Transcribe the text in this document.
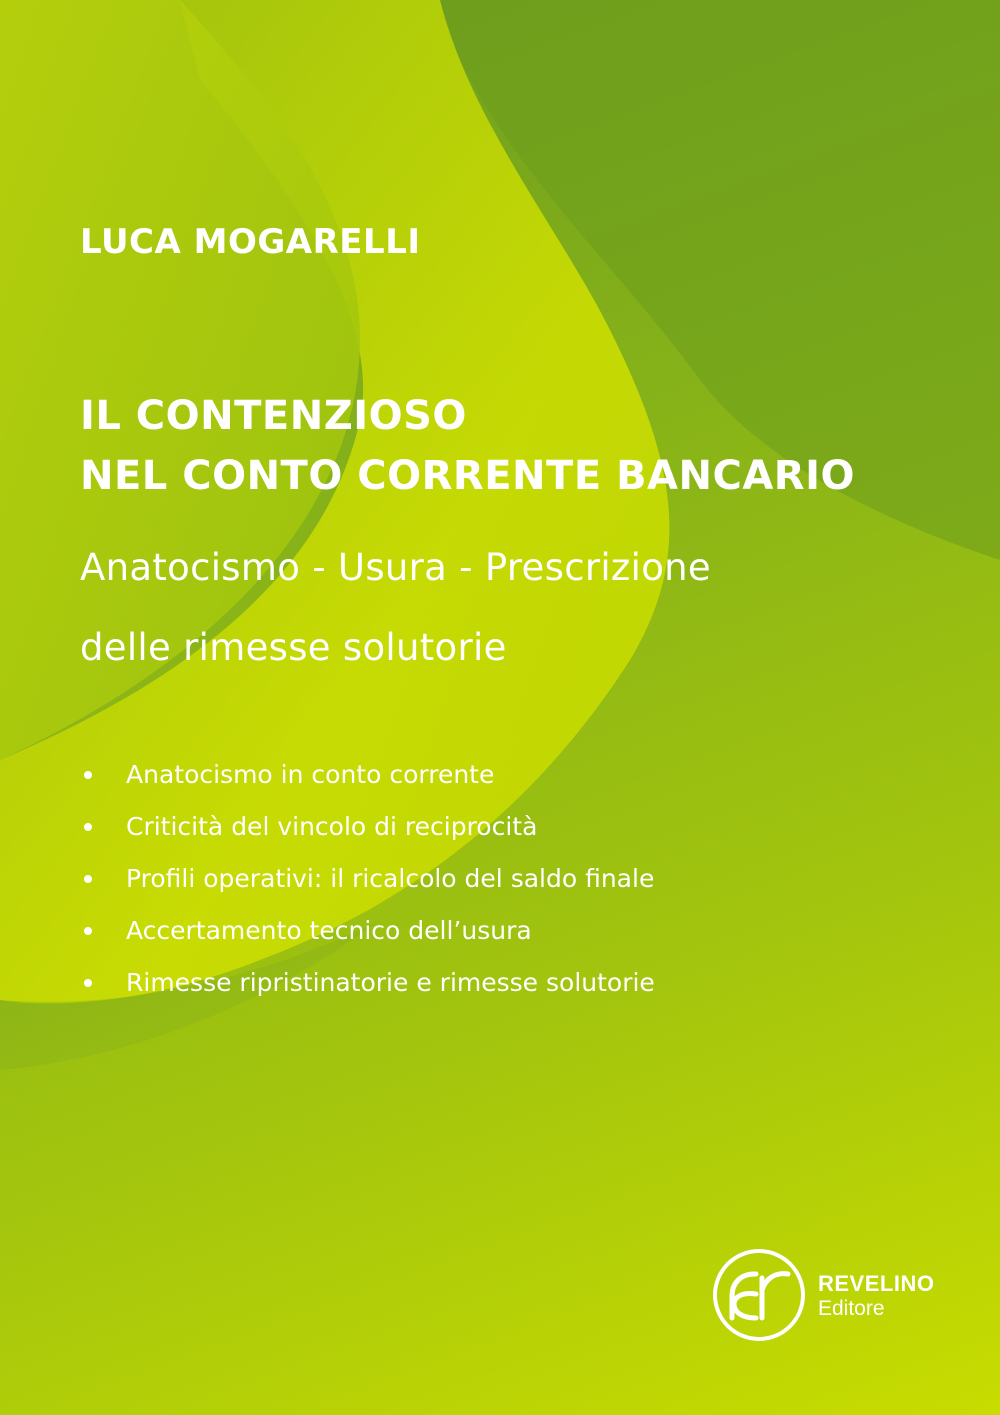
LUCA MOGARELLI
IL CONTENZIOSO
NEL CONTO CORRENTE BANCARIO
Anatocismo - Usura - Prescrizione
delle rimesse solutorie
Anatocismo in conto corrente
Criticità del vincolo di reciprocità
Profili operativi: il ricalcolo del saldo finale
Accertamento tecnico dell’usura
Rimesse ripristinatorie e rimesse solutorie
REVELINO
Editore
